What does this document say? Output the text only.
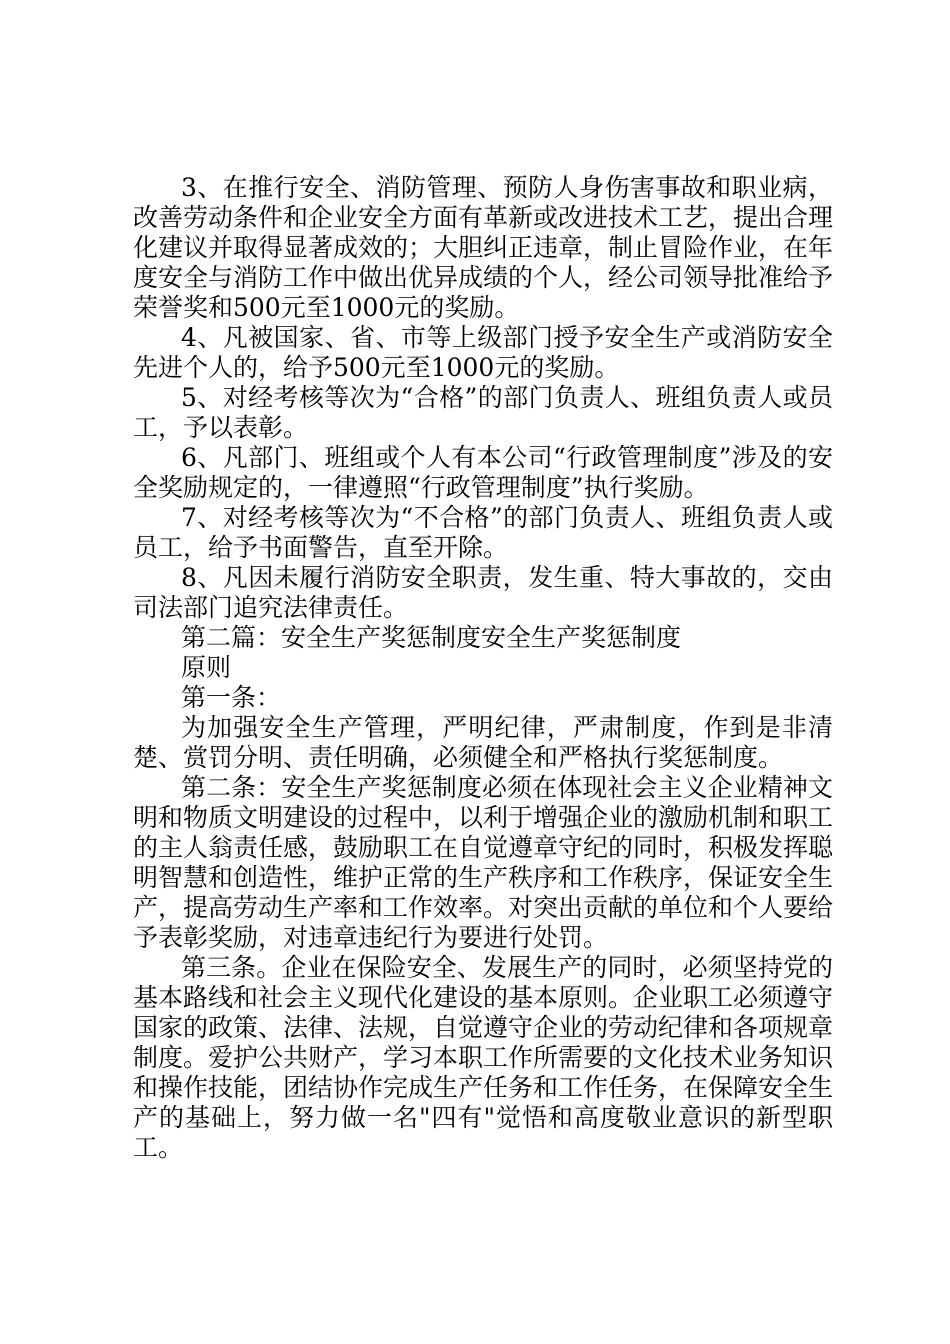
3、在推行安全、消防管理、预防人身伤害事故和职业病，改善劳动条件和企业安全方面有革新或改进技术工艺，提出合理化建议并取得显著成效的；大胆纠正违章，制止冒险作业，在年度安全与消防工作中做出优异成绩的个人，经公司领导批准给予荣誉奖和500元至1000元的奖励。

4、凡被国家、省、市等上级部门授予安全生产或消防安全先进个人的，给予500元至1000元的奖励。

5、对经考核等次为“合格”的部门负责人、班组负责人或员工，予以表彰。

6、凡部门、班组或个人有本公司“行政管理制度”涉及的安全奖励规定的，一律遵照“行政管理制度”执行奖励。

7、对经考核等次为“不合格”的部门负责人、班组负责人或员工，给予书面警告，直至开除。

8、凡因未履行消防安全职责，发生重、特大事故的，交由司法部门追究法律责任。

第二篇：安全生产奖惩制度安全生产奖惩制度

原则

第一条：

为加强安全生产管理，严明纪律，严肃制度，作到是非清楚、赏罚分明、责任明确，必须健全和严格执行奖惩制度。

第二条：安全生产奖惩制度必须在体现社会主义企业精神文明和物质文明建设的过程中，以利于增强企业的激励机制和职工的主人翁责任感，鼓励职工在自觉遵章守纪的同时，积极发挥聪明智慧和创造性，维护正常的生产秩序和工作秩序，保证安全生产，提高劳动生产率和工作效率。对突出贡献的单位和个人要给予表彰奖励，对违章违纪行为要进行处罚。

第三条。企业在保险安全、发展生产的同时，必须坚持党的基本路线和社会主义现代化建设的基本原则。企业职工必须遵守国家的政策、法律、法规，自觉遵守企业的劳动纪律和各项规章制度。爱护公共财产，学习本职工作所需要的文化技术业务知识和操作技能，团结协作完成生产任务和工作任务，在保障安全生产的基础上，努力做一名"四有"觉悟和高度敬业意识的新型职工。
